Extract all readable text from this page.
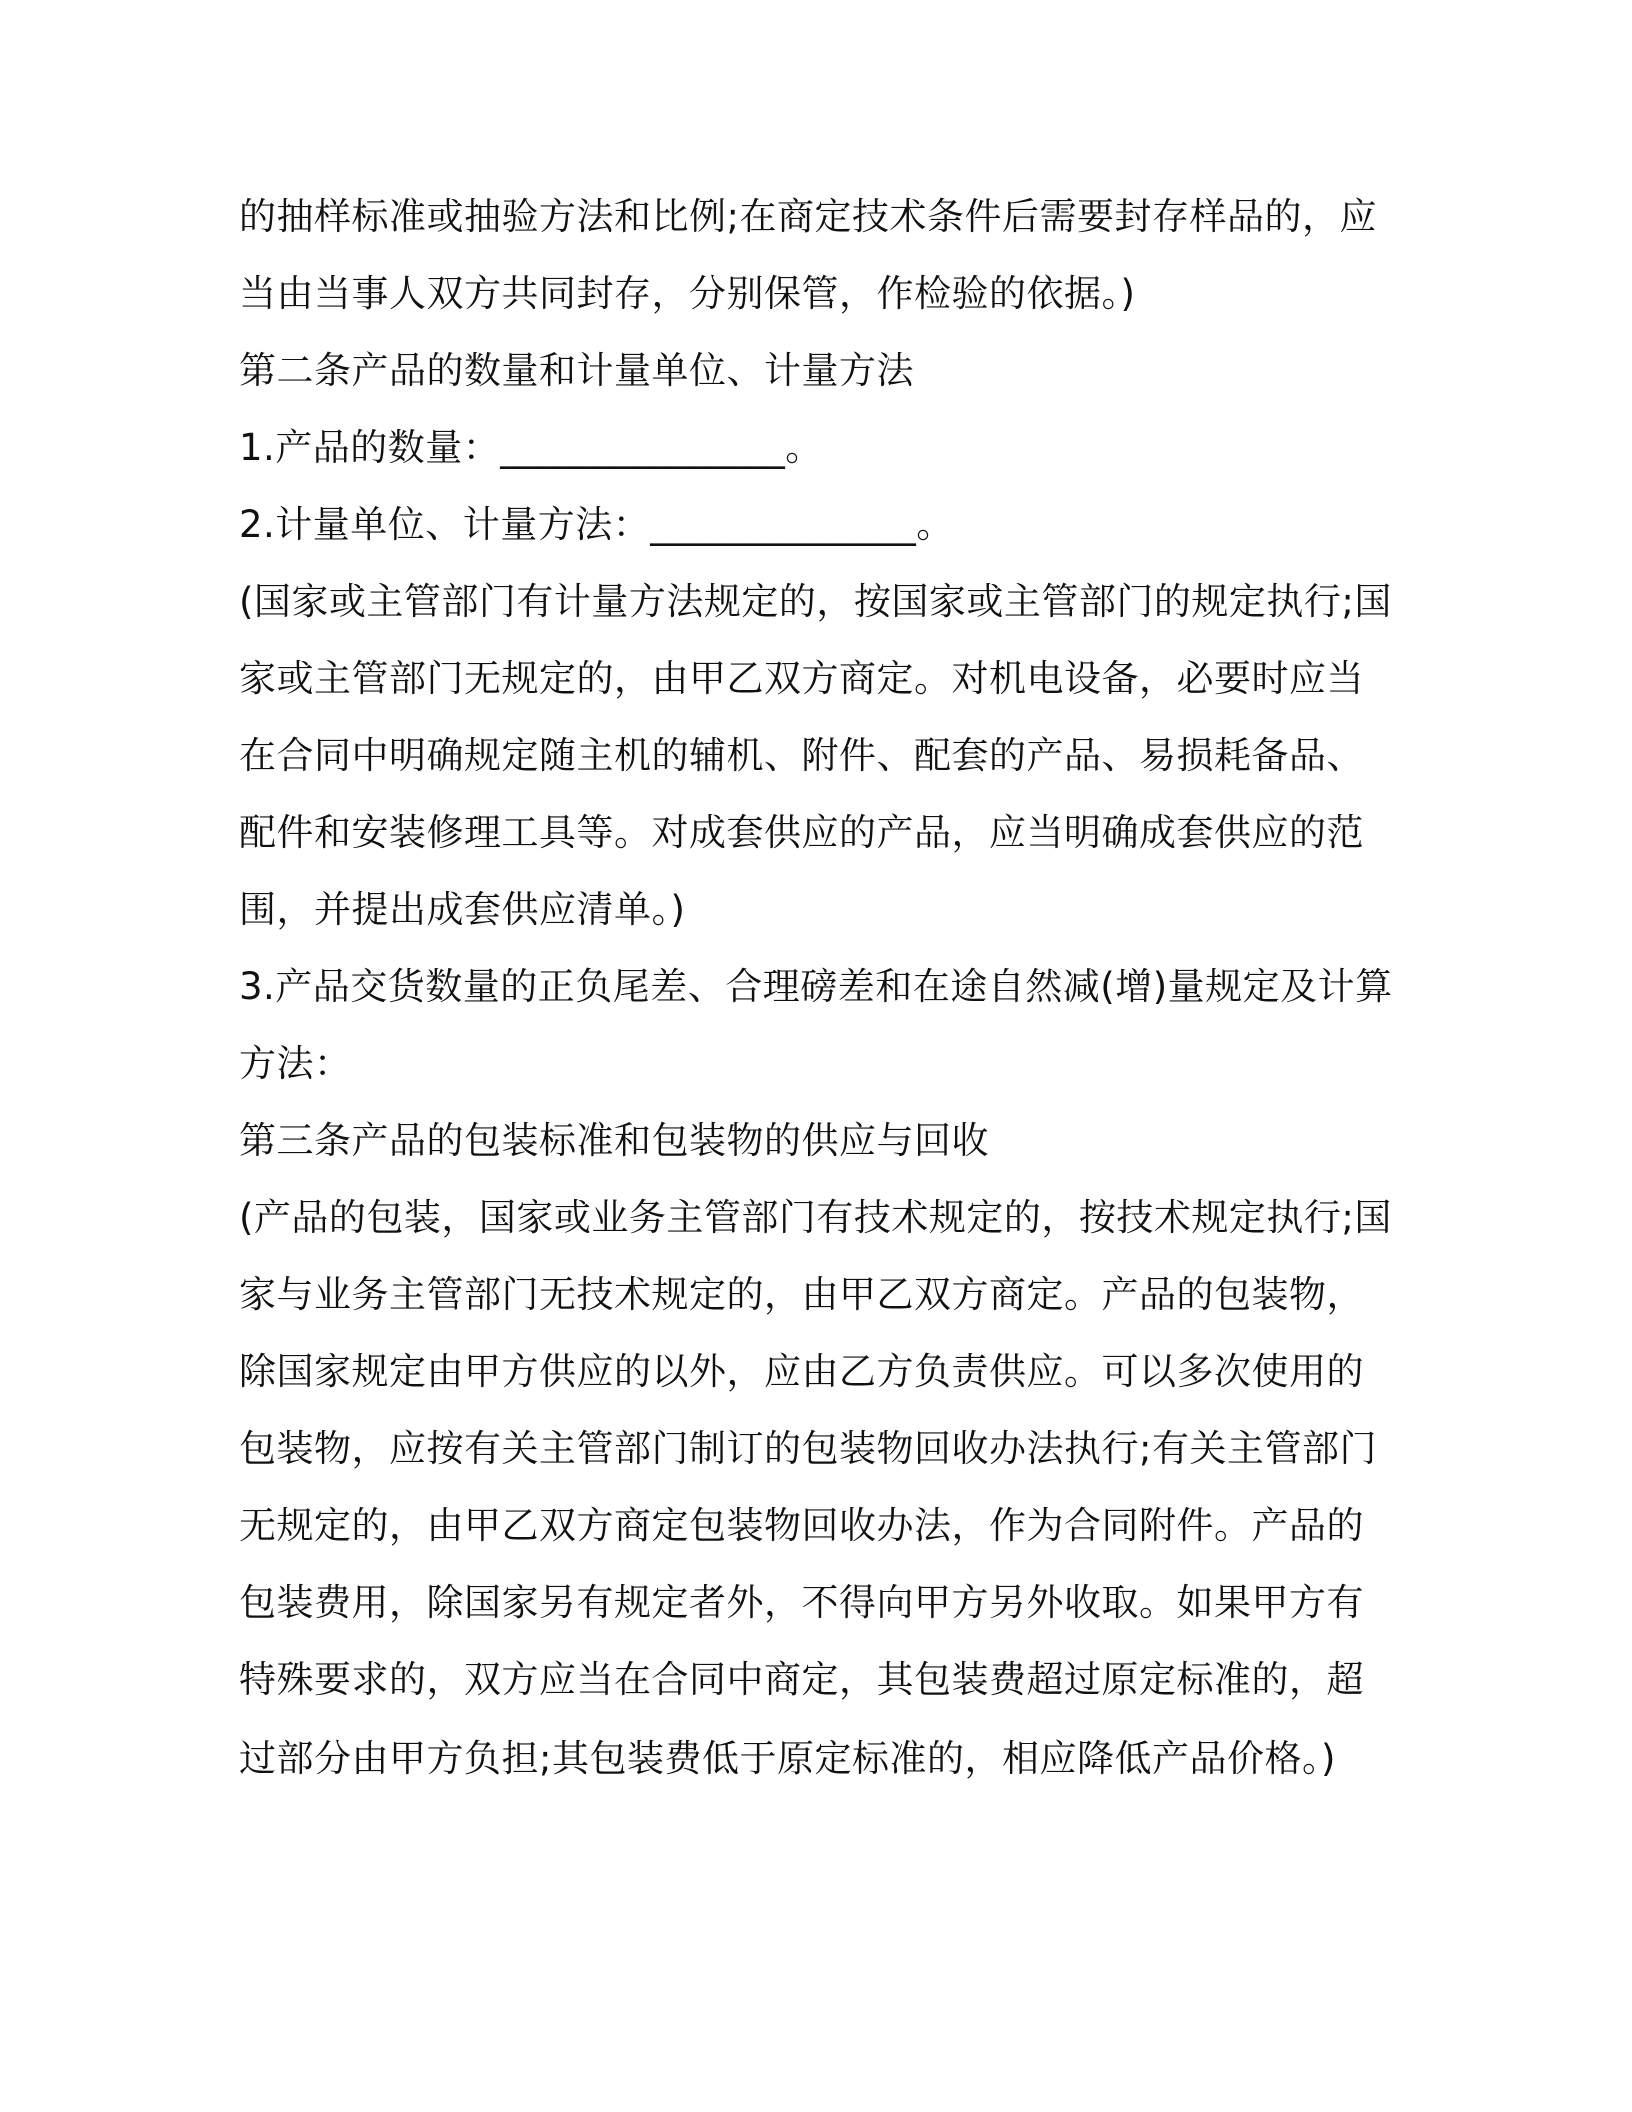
的抽样标准或抽验方法和比例;在商定技术条件后需要封存样品的，应
当由当事人双方共同封存，分别保管，作检验的依据。)
第二条产品的数量和计量单位、计量方法
1.产品的数量：_______________。
2.计量单位、计量方法：______________。
(国家或主管部门有计量方法规定的，按国家或主管部门的规定执行;国
家或主管部门无规定的，由甲乙双方商定。对机电设备，必要时应当
在合同中明确规定随主机的辅机、附件、配套的产品、易损耗备品、
配件和安装修理工具等。对成套供应的产品，应当明确成套供应的范
围，并提出成套供应清单。)
3.产品交货数量的正负尾差、合理磅差和在途自然减(增)量规定及计算
方法：
第三条产品的包装标准和包装物的供应与回收
(产品的包装，国家或业务主管部门有技术规定的，按技术规定执行;国
家与业务主管部门无技术规定的，由甲乙双方商定。产品的包装物，
除国家规定由甲方供应的以外，应由乙方负责供应。可以多次使用的
包装物，应按有关主管部门制订的包装物回收办法执行;有关主管部门
无规定的，由甲乙双方商定包装物回收办法，作为合同附件。产品的
包装费用，除国家另有规定者外，不得向甲方另外收取。如果甲方有
特殊要求的，双方应当在合同中商定，其包装费超过原定标准的，超
过部分由甲方负担;其包装费低于原定标准的，相应降低产品价格。)
